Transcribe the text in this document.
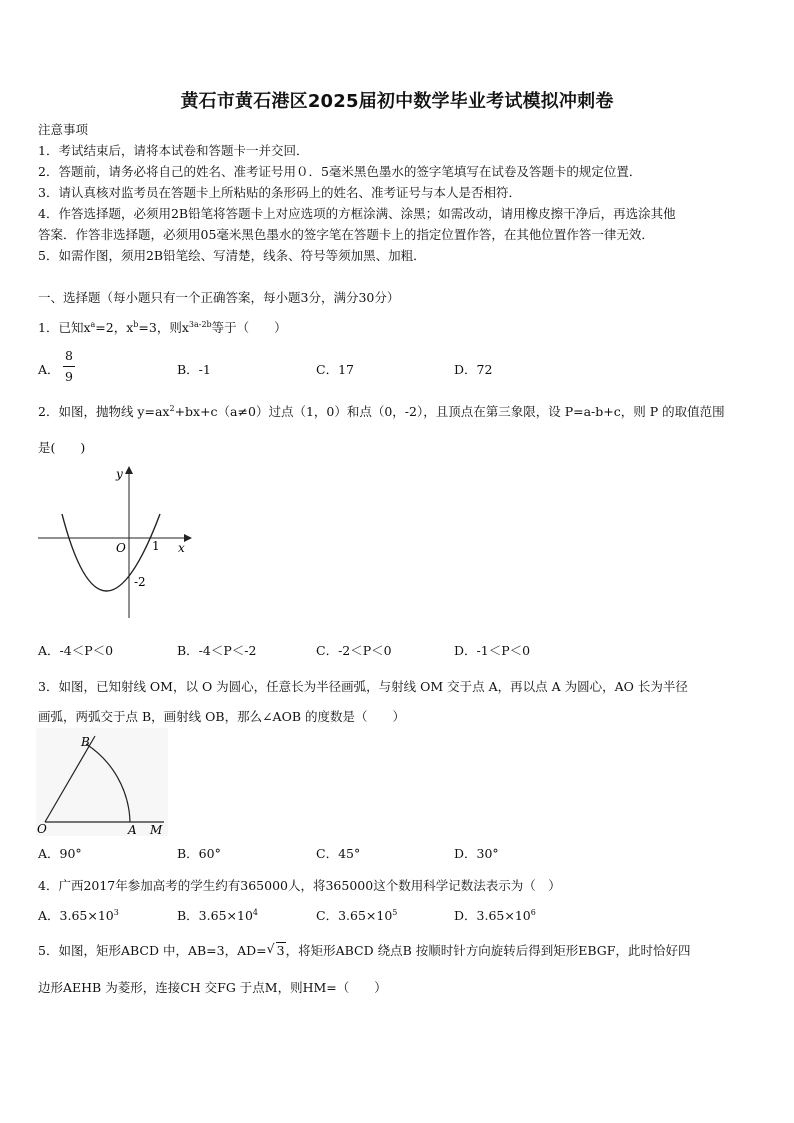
黄石市黄石港区2025届初中数学毕业考试模拟冲刺卷
注意事项
1．考试结束后，请将本试卷和答题卡一并交回．
2．答题前，请务必将自己的姓名、准考证号用０．5毫米黑色墨水的签字笔填写在试卷及答题卡的规定位置．
3．请认真核对监考员在答题卡上所粘贴的条形码上的姓名、准考证号与本人是否相符．
4．作答选择题，必须用2B铅笔将答题卡上对应选项的方框涂满、涂黑；如需改动，请用橡皮擦干净后，再选涂其他
答案．作答非选择题，必须用05毫米黑色墨水的签字笔在答题卡上的指定位置作答，在其他位置作答一律无效．
5．如需作图，须用2B铅笔绘、写清楚，线条、符号等须加黑、加粗．
一、选择题（每小题只有一个正确答案，每小题3分，满分30分）
1．已知$x^a=2$，$x^b=3$，则$x^{3a-2b}$等于（　　）
A．
8
9	B．-1	C．17	D．72
2．如图，抛物线 $y=ax^2+bx+c(a\ne 0)$过点（1，0）和点（0，-2），且顶点在第三象限，设 P=a-b+c，则 P 的取值范围
是(　　)
y
x
O 1
-2
A．-4＜P＜0	B．-4＜P＜-2	C．-2＜P＜0	D．-1＜P＜0
3．如图，已知射线 OM，以 O 为圆心，任意长为半径画弧，与射线 OM 交于点 A，再以点 A 为圆心，AO 长为半径
画弧，两弧交于点 B，画射线 OB，那么∠AOB 的度数是（　　）
B
O	A M
A．90°	B．60°	C．45°	D．30°
4．广西2017年参加高考的学生约有365000人，将365000这个数用科学记数法表示为（　）
A．$3.65\times 10^3$	B．$3.65\times 10^4$	C．$3.65\times 10^5$	D．$3.65\times 10^6$
5．如图，矩形ABCD 中，AB=3，AD= √ 3，将矩形ABCD 绕点B 按顺时针方向旋转后得到矩形EBGF，此时恰好四
边形AEHB 为菱形，连接CH 交FG 于点M，则HM=（　　）
